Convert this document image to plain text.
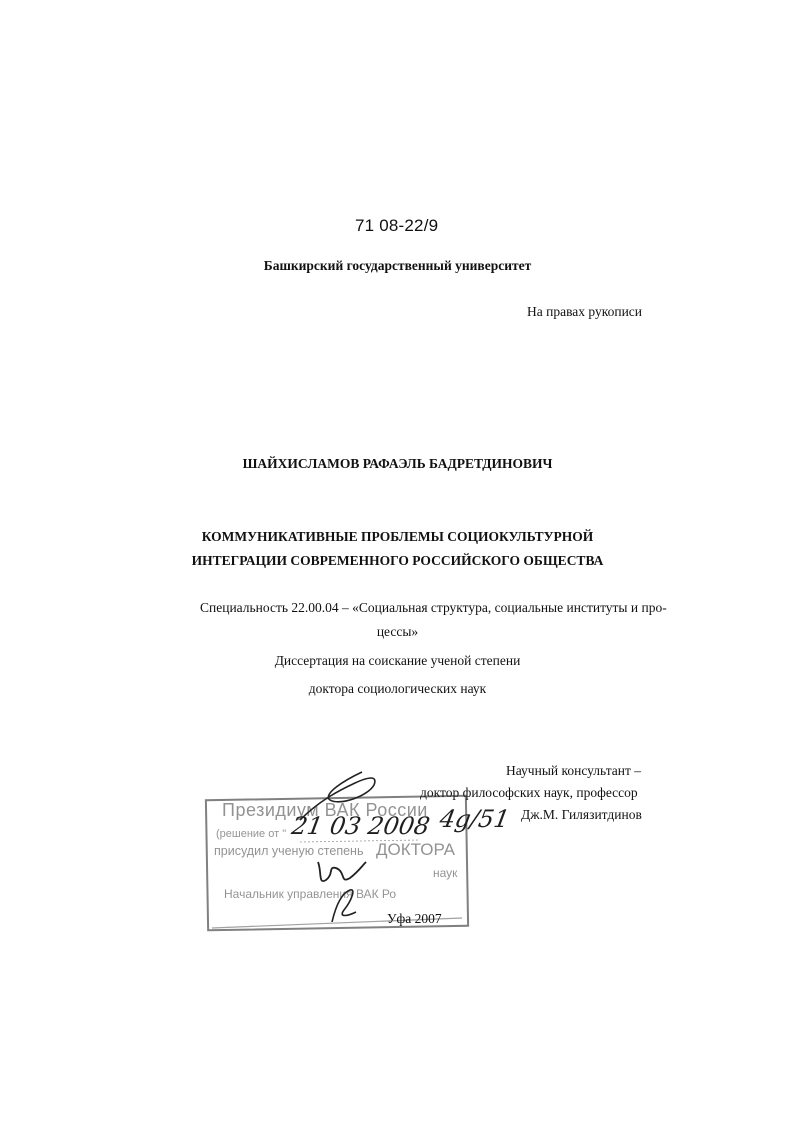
71 08-22/9
Башкирский государственный университет
На правах рукописи
ШАЙХИСЛАМОВ РАФАЭЛЬ БАДРЕТДИНОВИЧ
КОММУНИКАТИВНЫЕ ПРОБЛЕМЫ СОЦИОКУЛЬТУРНОЙ
ИНТЕГРАЦИИ СОВРЕМЕННОГО РОССИЙСКОГО ОБЩЕСТВА
Специальность 22.00.04 – «Социальная структура, социальные институты и про-
цессы»
Диссертация на соискание ученой степени
доктора социологических наук
Научный консультант –
доктор философских наук, профессор
Дж.М. Гилязитдинов
Президиум ВАК России
(решение от "
присудил ученую степень ДОКТОРА
наук
Начальник управления ВАК Ро
21 03 2008 4g/51
Уфа 2007
